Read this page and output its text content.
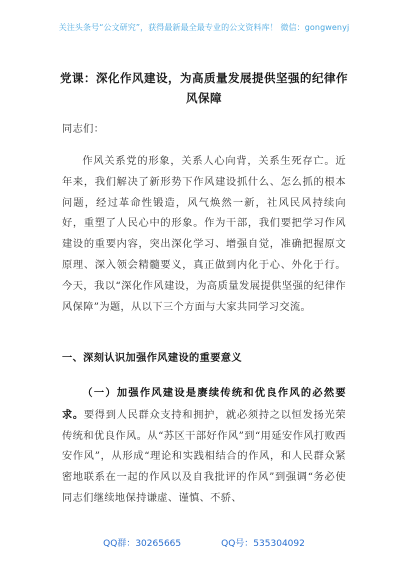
关注头条号“公文研究”，获得最新最全最专业的公文资料库！ 微信：gongwenyj
党课：深化作风建设，为高质量发展提供坚强的纪律作风保障
同志们：
作风关系党的形象，关系人心向背，关系生死存亡。近年来，我们解决了新形势下作风建设抓什么、怎么抓的根本问题，经过革命性锻造，风气焕然一新，社风民风持续向好，重塑了人民心中的形象。作为干部，我们要把学习作风建设的重要内容，突出深化学习、增强自觉，准确把握原文原理、深入领会精髓要义，真正做到内化于心、外化于行。今天，我以“深化作风建设，为高质量发展提供坚强的纪律作风保障”为题，从以下三个方面与大家共同学习交流。
一、深刻认识加强作风建设的重要意义
（一）加强作风建设是赓续传统和优良作风的必然要求。要得到人民群众支持和拥护，就必须持之以恒发扬光荣传统和优良作风。从“苏区干部好作风”到“用延安作风打败西安作风”，从形成“理论和实践相结合的作风，和人民群众紧密地联系在一起的作风以及自我批评的作风”到强调“务必使同志们继续地保持谦虚、谨慎、不骄、
QQ群：30265665	QQ号：535304092
